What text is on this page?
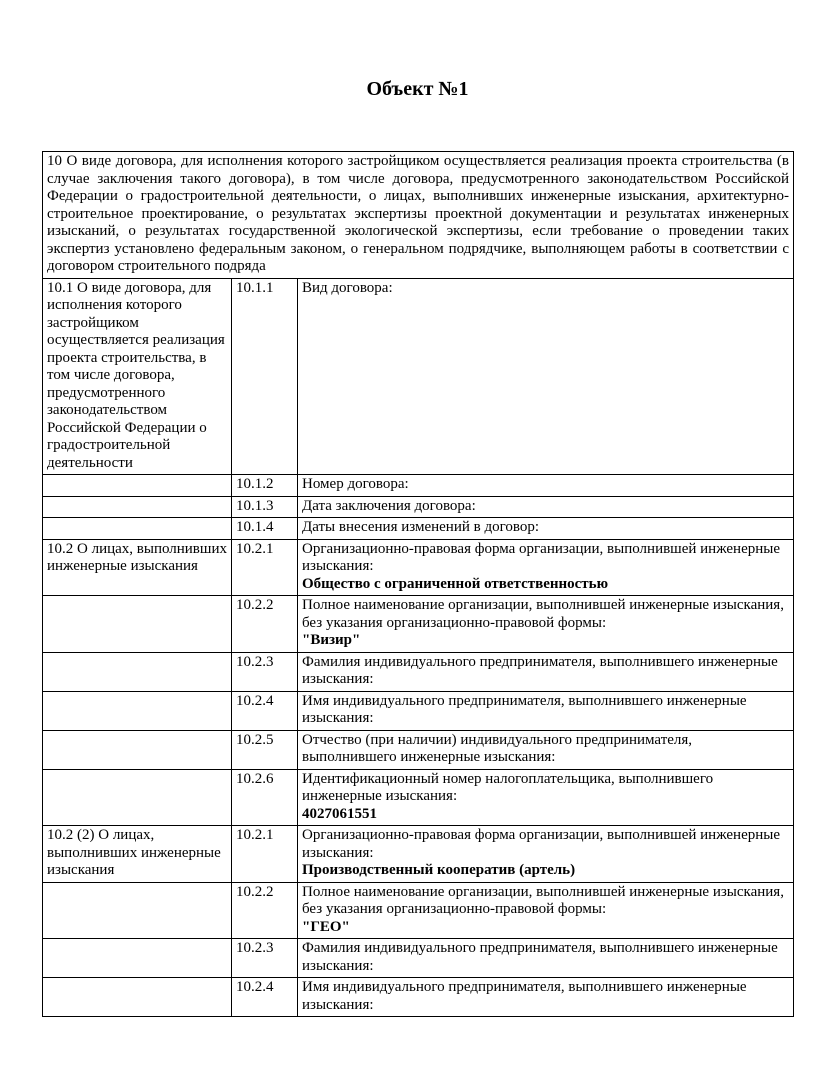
Объект №1
10 О виде договора, для исполнения которого застройщиком осуществляется реализация проекта строительства (в случае заключения такого договора), в том числе договора, предусмотренного законодательством Российской Федерации о градостроительной деятельности, о лицах, выполнивших инженерные изыскания, архитектурно-строительное проектирование, о результатах экспертизы проектной документации и результатах инженерных изысканий, о результатах государственной экологической экспертизы, если требование о проведении таких экспертиз установлено федеральным законом, о генеральном подрядчике, выполняющем работы в соответствии с договором строительного подряда		
10.1 О виде договора, для исполнения которого застройщиком осуществляется реализация проекта строительства, в том числе договора, предусмотренного законодательством Российской Федерации о градостроительной деятельности	10.1.1	Вид договора:
	10.1.2	Номер договора:
	10.1.3	Дата заключения договора:
	10.1.4	Даты внесения изменений в договор:
10.2 О лицах, выполнивших инженерные изыскания	10.2.1	Организационно-правовая форма организации, выполнившей инженерные изыскания:
Общество с ограниченной ответственностью

	10.2.2	Полное наименование организации, выполнившей инженерные изыскания, без указания организационно-правовой формы:
"Визир"

	10.2.3	Фамилия индивидуального предпринимателя, выполнившего инженерные изыскания:
	10.2.4	Имя индивидуального предпринимателя, выполнившего инженерные изыскания:
	10.2.5	Отчество (при наличии) индивидуального предпринимателя, выполнившего инженерные изыскания:
	10.2.6	Идентификационный номер налогоплательщика, выполнившего инженерные изыскания:
4027061551

10.2 (2) О лицах, выполнивших инженерные изыскания	10.2.1	Организационно-правовая форма организации, выполнившей инженерные изыскания:
Производственный кооператив (артель)

	10.2.2	Полное наименование организации, выполнившей инженерные изыскания, без указания организационно-правовой формы:
"ГЕО"

	10.2.3	Фамилия индивидуального предпринимателя, выполнившего инженерные изыскания:
	10.2.4	Имя индивидуального предпринимателя, выполнившего инженерные изыскания:
